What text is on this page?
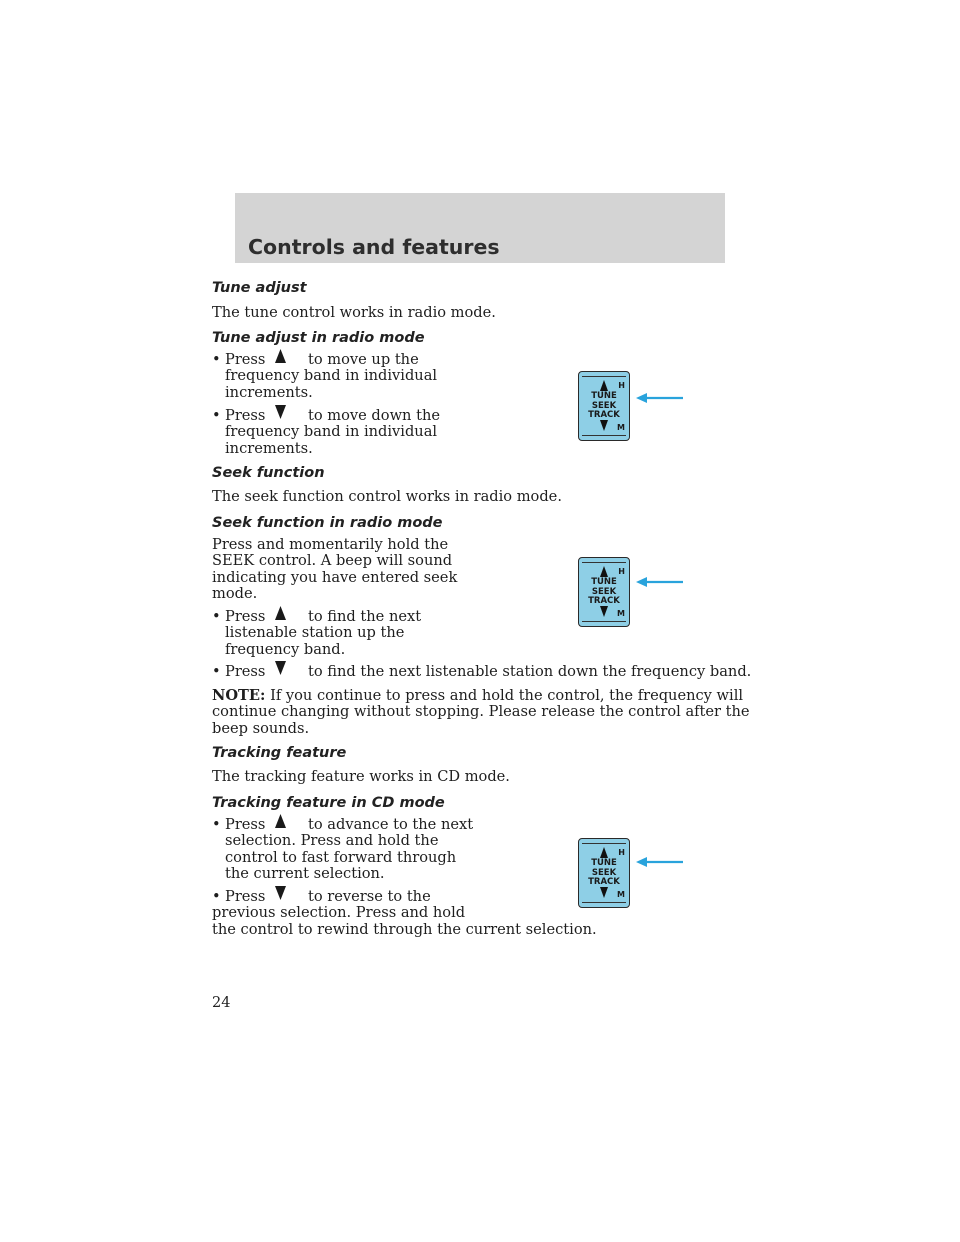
Controls and features
Tune adjust
The tune control works in radio mode.
Tune adjust in radio mode
• Press	to move up the
frequency band in individual
increments.
• Press	to move down the
frequency band in individual
increments.
H
TUNE
SEEK
TRACK
M
Seek function
The seek function control works in radio mode.
Seek function in radio mode
Press and momentarily hold the
SEEK control. A beep will sound
indicating you have entered seek
mode.
• Press	to find the next
listenable station up the
frequency band.
• Press	to find the next listenable station down the frequency band.
NOTE: If you continue to press and hold the control, the frequency will
continue changing without stopping. Please release the control after the
beep sounds.
H
TUNE
SEEK
TRACK
M
Tracking feature
The tracking feature works in CD mode.
Tracking feature in CD mode
• Press	to advance to the next
selection. Press and hold the
control to fast forward through
the current selection.
• Press	to reverse to the
previous selection. Press and hold
the control to rewind through the current selection.
H
TUNE
SEEK
TRACK
M
24
